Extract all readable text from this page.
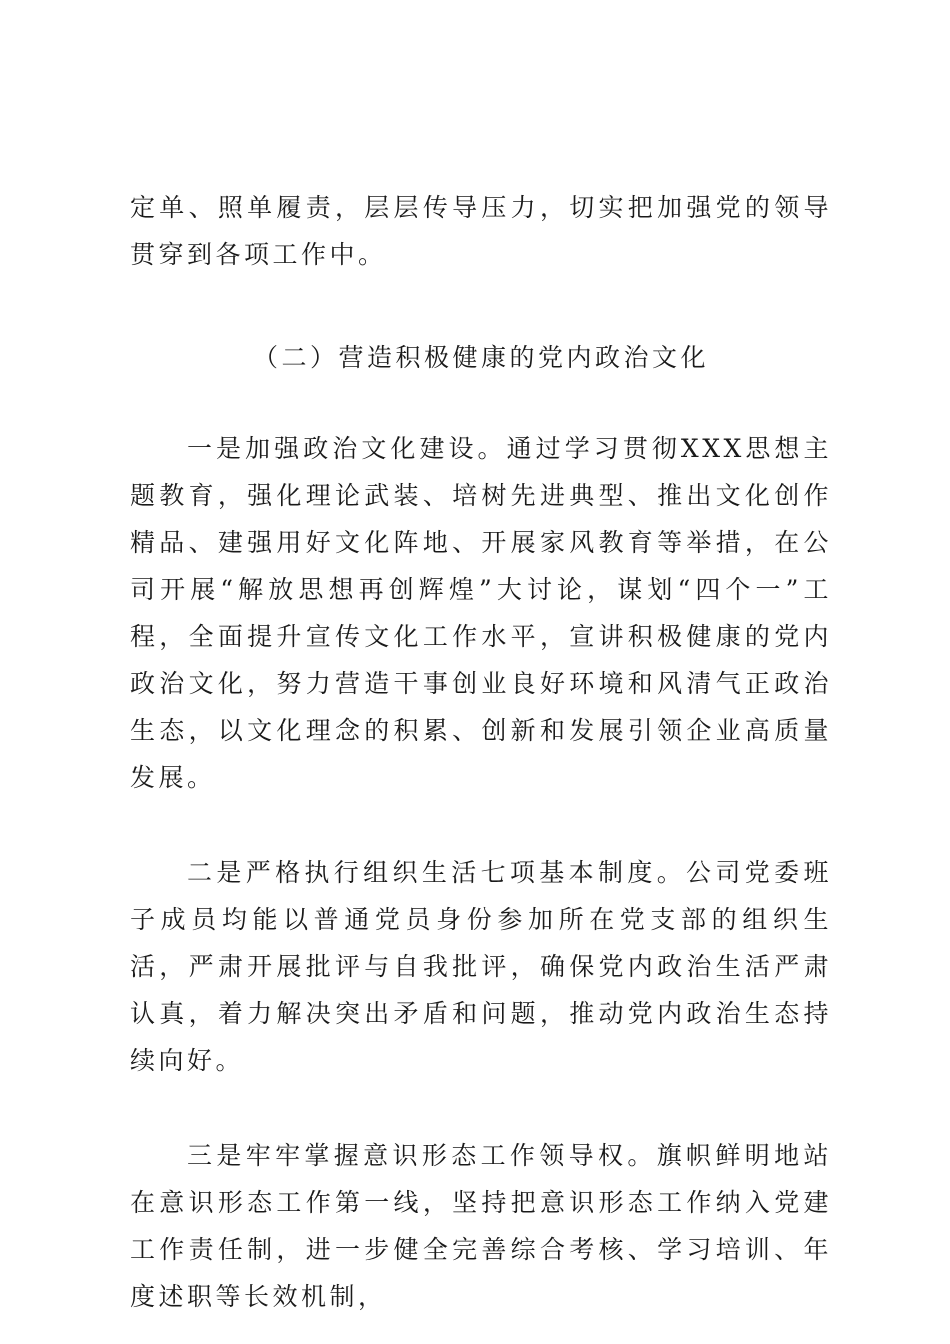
定单、照单履责，层层传导压力，切实把加强党的领导贯穿到各项工作中。

（二）营造积极健康的党内政治文化

一是加强政治文化建设。通过学习贯彻XXX思想主题教育，强化理论武装、培树先进典型、推出文化创作精品、建强用好文化阵地、开展家风教育等举措，在公司开展“解放思想再创辉煌”大讨论，谋划“四个一”工程，全面提升宣传文化工作水平，宣讲积极健康的党内政治文化，努力营造干事创业良好环境和风清气正政治生态，以文化理念的积累、创新和发展引领企业高质量发展。

二是严格执行组织生活七项基本制度。公司党委班子成员均能以普通党员身份参加所在党支部的组织生活，严肃开展批评与自我批评，确保党内政治生活严肃认真，着力解决突出矛盾和问题，推动党内政治生态持续向好。

三是牢牢掌握意识形态工作领导权。旗帜鲜明地站在意识形态工作第一线，坚持把意识形态工作纳入党建工作责任制，进一步健全完善综合考核、学习培训、年度述职等长效机制，
